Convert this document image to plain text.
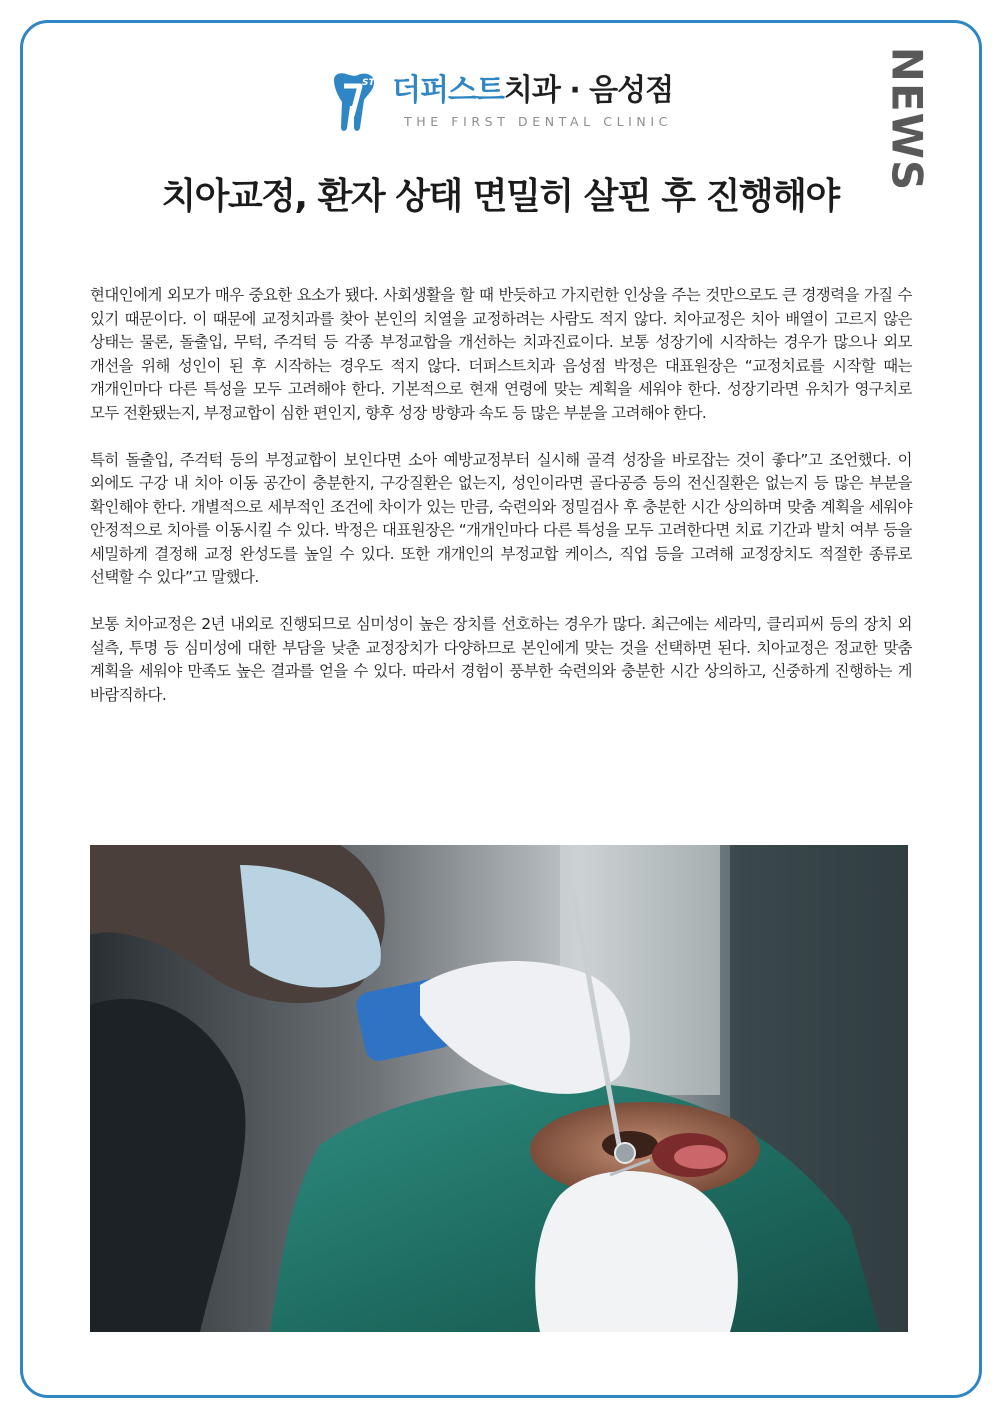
ST 더퍼스트치과 · 음성점
THE FIRST DENTAL CLINIC	NEWS
치아교정, 환자 상태 면밀히 살핀 후 진행해야

현대인에게 외모가 매우 중요한 요소가 됐다. 사회생활을 할 때 반듯하고 가지런한 인상을 주는 것만으로도 큰 경쟁력을 가질 수 있기 때문이다. 이 때문에 교정치과를 찾아 본인의 치열을 교정하려는 사람도 적지 않다. 치아교정은 치아 배열이 고르지 않은 상태는 물론, 돌출입, 무턱, 주걱턱 등 각종 부정교합을 개선하는 치과진료이다. 보통 성장기에 시작하는 경우가 많으나 외모 개선을 위해 성인이 된 후 시작하는 경우도 적지 않다. 더퍼스트치과 음성점 박정은 대표원장은 “교정치료를 시작할 때는 개개인마다 다른 특성을 모두 고려해야 한다. 기본적으로 현재 연령에 맞는 계획을 세워야 한다. 성장기라면 유치가 영구치로 모두 전환됐는지, 부정교합이 심한 편인지, 향후 성장 방향과 속도 등 많은 부분을 고려해야 한다.

특히 돌출입, 주걱턱 등의 부정교합이 보인다면 소아 예방교정부터 실시해 골격 성장을 바로잡는 것이 좋다”고 조언했다. 이 외에도 구강 내 치아 이동 공간이 충분한지, 구강질환은 없는지, 성인이라면 골다공증 등의 전신질환은 없는지 등 많은 부분을 확인해야 한다. 개별적으로 세부적인 조건에 차이가 있는 만큼, 숙련의와 정밀검사 후 충분한 시간 상의하며 맞춤 계획을 세워야 안정적으로 치아를 이동시킬 수 있다. 박정은 대표원장은 “개개인마다 다른 특성을 모두 고려한다면 치료 기간과 발치 여부 등을 세밀하게 결정해 교정 완성도를 높일 수 있다. 또한 개개인의 부정교합 케이스, 직업 등을 고려해 교정장치도 적절한 종류로 선택할 수 있다”고 말했다.

보통 치아교정은 2년 내외로 진행되므로 심미성이 높은 장치를 선호하는 경우가 많다. 최근에는 세라믹, 클리피씨 등의 장치 외 설측, 투명 등 심미성에 대한 부담을 낮춘 교정장치가 다양하므로 본인에게 맞는 것을 선택하면 된다. 치아교정은 정교한 맞춤 계획을 세워야 만족도 높은 결과를 얻을 수 있다. 따라서 경험이 풍부한 숙련의와 충분한 시간 상의하고, 신중하게 진행하는 게 바람직하다.
